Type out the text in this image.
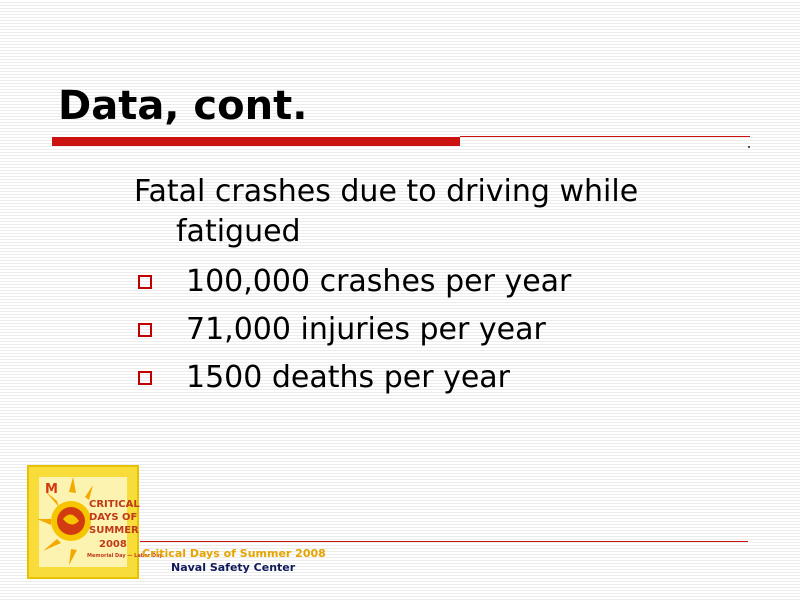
Data, cont.
Fatal crashes due to driving while fatigued
100,000 crashes per year
71,000 injuries per year
1500 deaths per year
M
CRITICAL
DAYS OF
SUMMER
2008
Memorial Day — Labor Day
Critical Days of Summer 2008
Naval Safety Center
